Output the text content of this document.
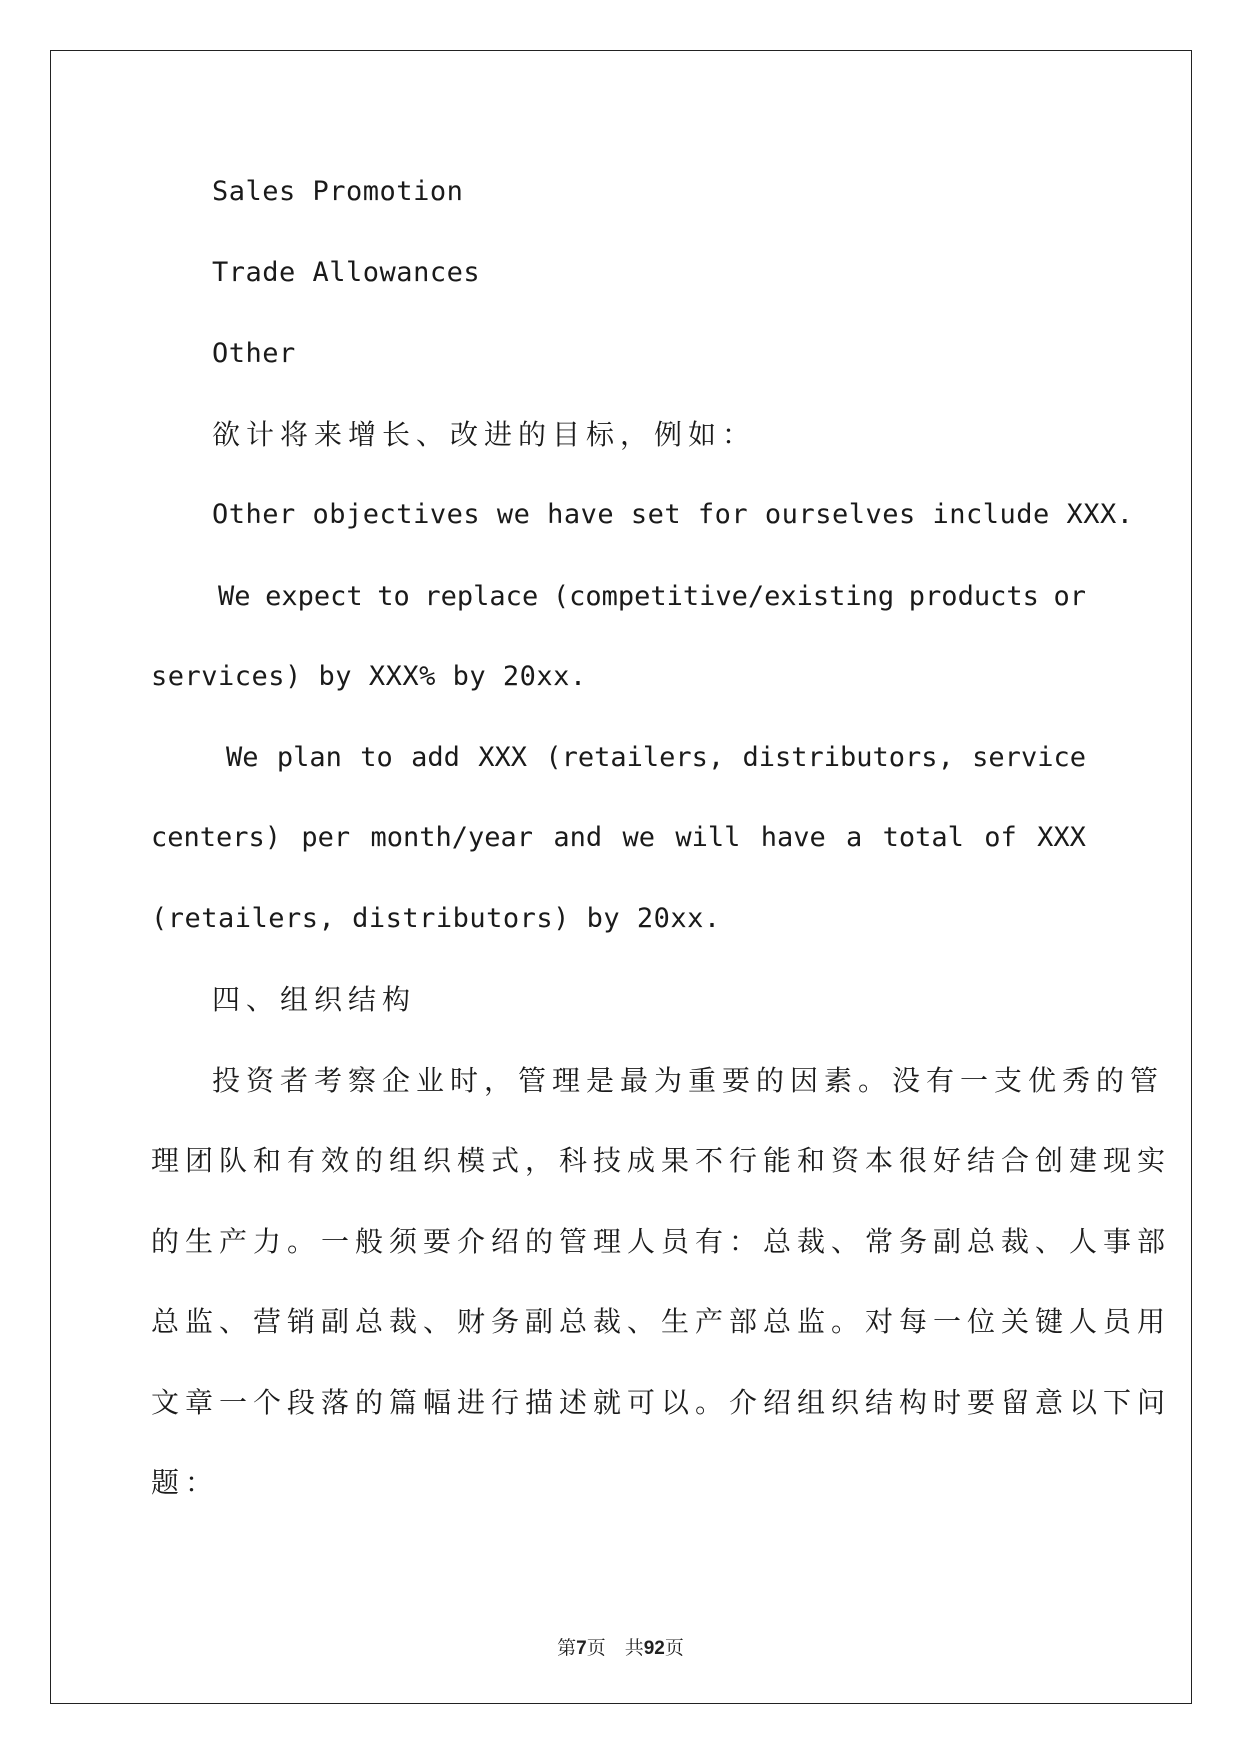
Sales Promotion
Trade Allowances
Other
欲计将来增长、改进的目标，例如：
Other objectives we have set for ourselves include XXX.
We expect to replace (competitive/existing products or
services) by XXX% by 20xx.
We plan to add XXX (retailers, distributors, service
centers) per month/year and we will have a total of XXX
(retailers, distributors) by 20xx.
四、组织结构
投资者考察企业时，管理是最为重要的因素。没有一支优秀的管
理团队和有效的组织模式，科技成果不行能和资本很好结合创建现实
的生产力。一般须要介绍的管理人员有：总裁、常务副总裁、人事部
总监、营销副总裁、财务副总裁、生产部总监。对每一位关键人员用
文章一个段落的篇幅进行描述就可以。介绍组织结构时要留意以下问
题：
第7页    共92页
